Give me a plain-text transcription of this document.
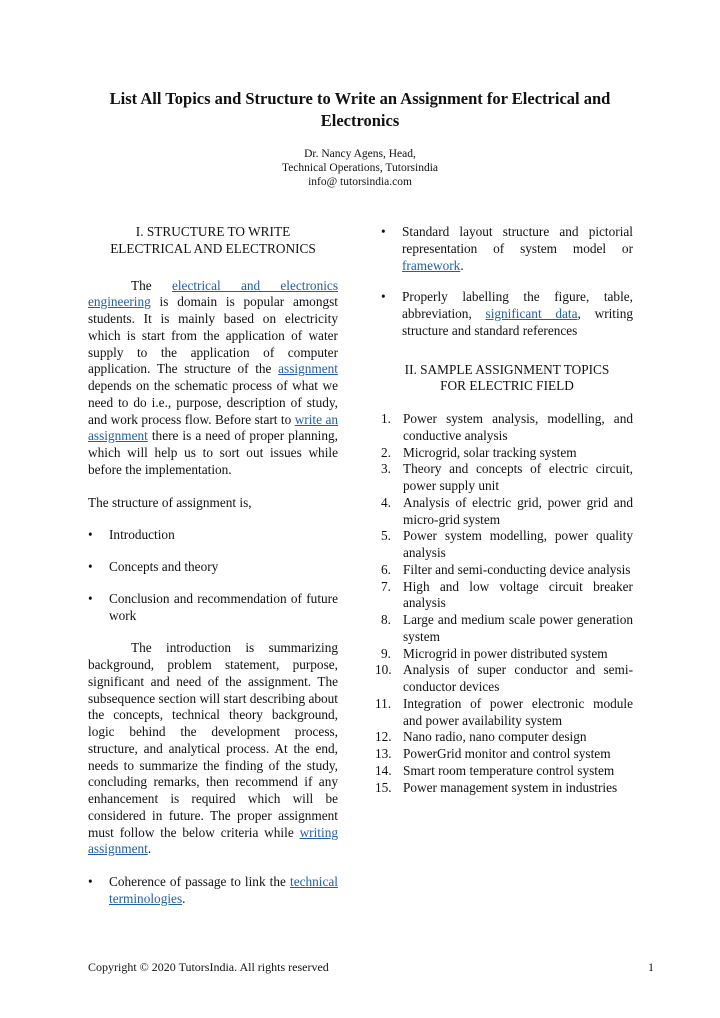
List All Topics and Structure to Write an Assignment for Electrical and Electronics
Dr. Nancy Agens, Head,
Technical Operations, Tutorsindia
info@ tutorsindia.com
I. STRUCTURE TO WRITE
ELECTRICAL AND ELECTRONICS

The electrical and electronics engineering is domain is popular amongst students. It is mainly based on electricity which is start from the application of water supply to the application of computer application. The structure of the assignment depends on the schematic process of what we need to do i.e., purpose, description of study, and work process flow. Before start to write an assignment there is a need of proper planning, which will help us to sort out issues while before the implementation.

The structure of assignment is,

•	Introduction
•	Concepts and theory
•	Conclusion and recommendation of future work

The introduction is summarizing background, problem statement, purpose, significant and need of the assignment. The subsequence section will start describing about the concepts, technical theory background, logic behind the development process, structure, and analytical process. At the end, needs to summarize the finding of the study, concluding remarks, then recommend if any enhancement is required which will be considered in future. The proper assignment must follow the below criteria while writing assignment.

•	Coherence of passage to link the technical terminologies.
•	Standard layout structure and pictorial representation of system model or framework.
•	Properly labelling the figure, table, abbreviation, significant data, writing structure and standard references
II. SAMPLE ASSIGNMENT TOPICS
FOR ELECTRIC FIELD
1. Power system analysis, modelling, and conductive analysis
2. Microgrid, solar tracking system
3. Theory and concepts of electric circuit, power supply unit
4. Analysis of electric grid, power grid and micro-grid system
5. Power system modelling, power quality analysis
6. Filter and semi-conducting device analysis
7. High and low voltage circuit breaker analysis
8. Large and medium scale power generation system
9. Microgrid in power distributed system
10. Analysis of super conductor and semi-conductor devices
11. Integration of power electronic module and power availability system
12. Nano radio, nano computer design
13. PowerGrid monitor and control system
14. Smart room temperature control system
15. Power management system in industries
Copyright © 2020 TutorsIndia. All rights reserved	1
